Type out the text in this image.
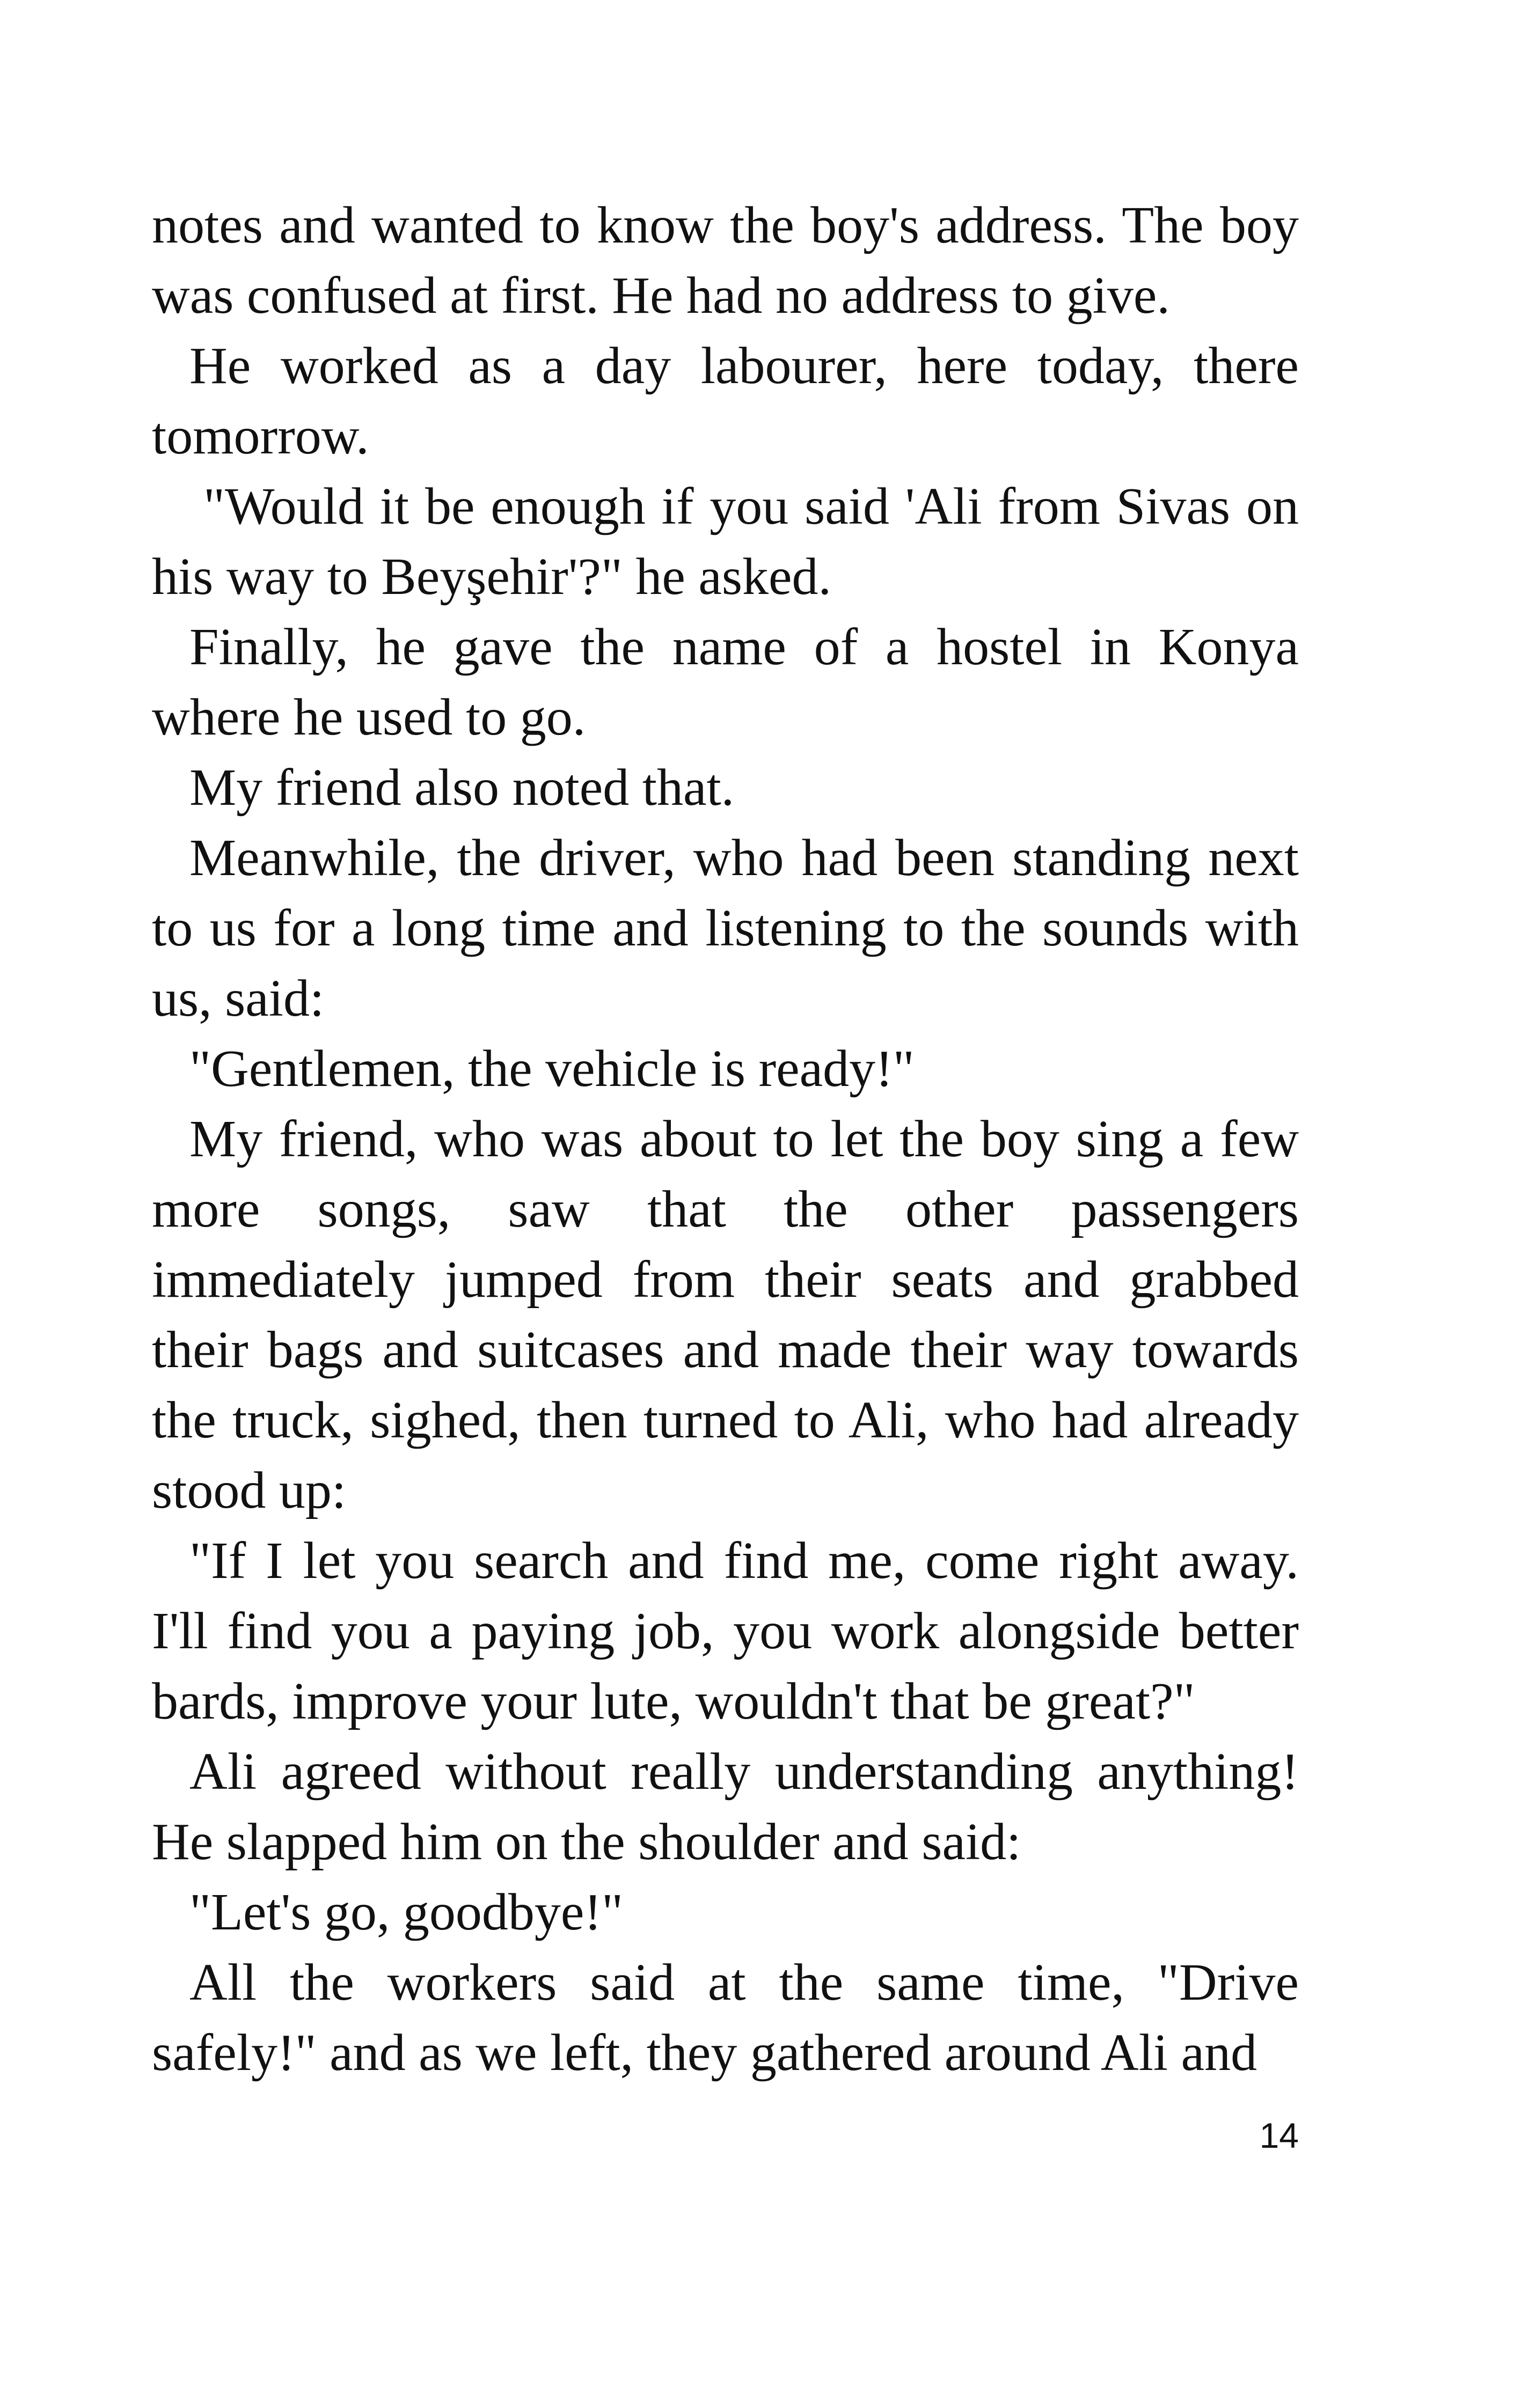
notes and wanted to know the boy's address. The boy was confused at first. He had no address to give.

He worked as a day labourer, here today, there tomorrow.

"Would it be enough if you said 'Ali from Sivas on his way to Beyşehir'?" he asked.

Finally, he gave the name of a hostel in Konya where he used to go.

My friend also noted that.

Meanwhile, the driver, who had been standing next to us for a long time and listening to the sounds with us, said:

"Gentlemen, the vehicle is ready!"

My friend, who was about to let the boy sing a few more songs, saw that the other passengers immediately jumped from their seats and grabbed their bags and suitcases and made their way towards the truck, sighed, then turned to Ali, who had already stood up:

"If I let you search and find me, come right away. I'll find you a paying job, you work alongside better bards, improve your lute, wouldn't that be great?"

Ali agreed without really understanding anything! He slapped him on the shoulder and said:

"Let's go, goodbye!"

All the workers said at the same time, "Drive safely!" and as we left, they gathered around Ali and

14
